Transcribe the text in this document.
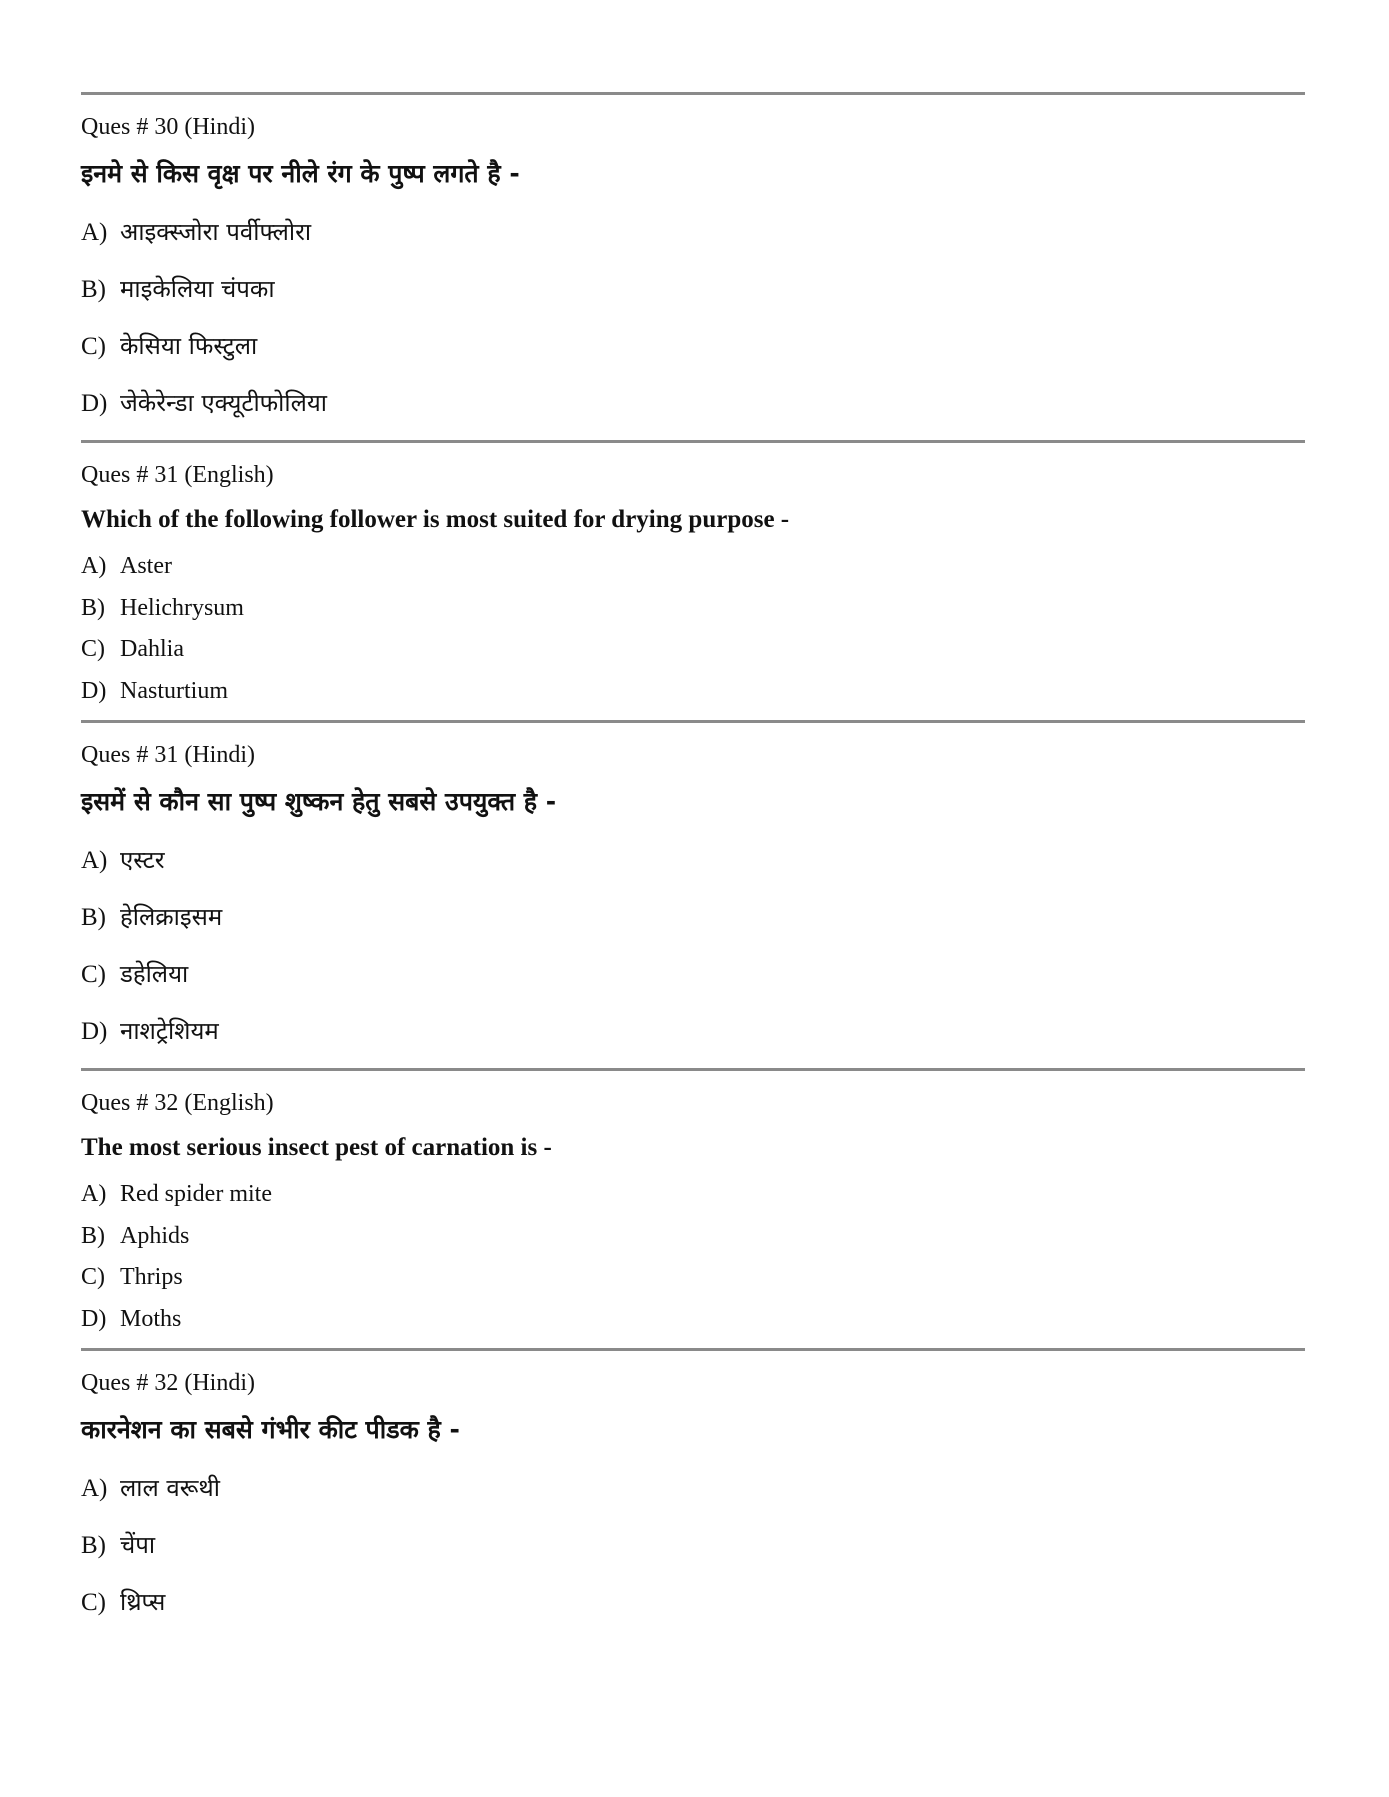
Ques # 30 (Hindi)

इनमे से किस वृक्ष पर नीले रंग के पुष्प लगते है -

A) आइक्स्जोरा पर्वीफ्लोरा

B) माइकेलिया चंपका

C) केसिया फिस्टुला

D) जेकेरेन्डा एक्यूटीफोलिया

Ques # 31 (English)

Which of the following follower is most suited for drying purpose -

A) Aster

B) Helichrysum

C) Dahlia

D) Nasturtium

Ques # 31 (Hindi)

इसमें से कौन सा पुष्प शुष्कन हेतु सबसे उपयुक्त है -

A) एस्टर

B) हेलिक्राइसम

C) डहेलिया

D) नाशट्रेशियम

Ques # 32 (English)

The most serious insect pest of carnation is -

A) Red spider mite

B) Aphids

C) Thrips

D) Moths

Ques # 32 (Hindi)

कारनेशन का सबसे गंभीर कीट पीडक है -

A) लाल वरूथी

B) चेंपा

C) थ्रिप्स
